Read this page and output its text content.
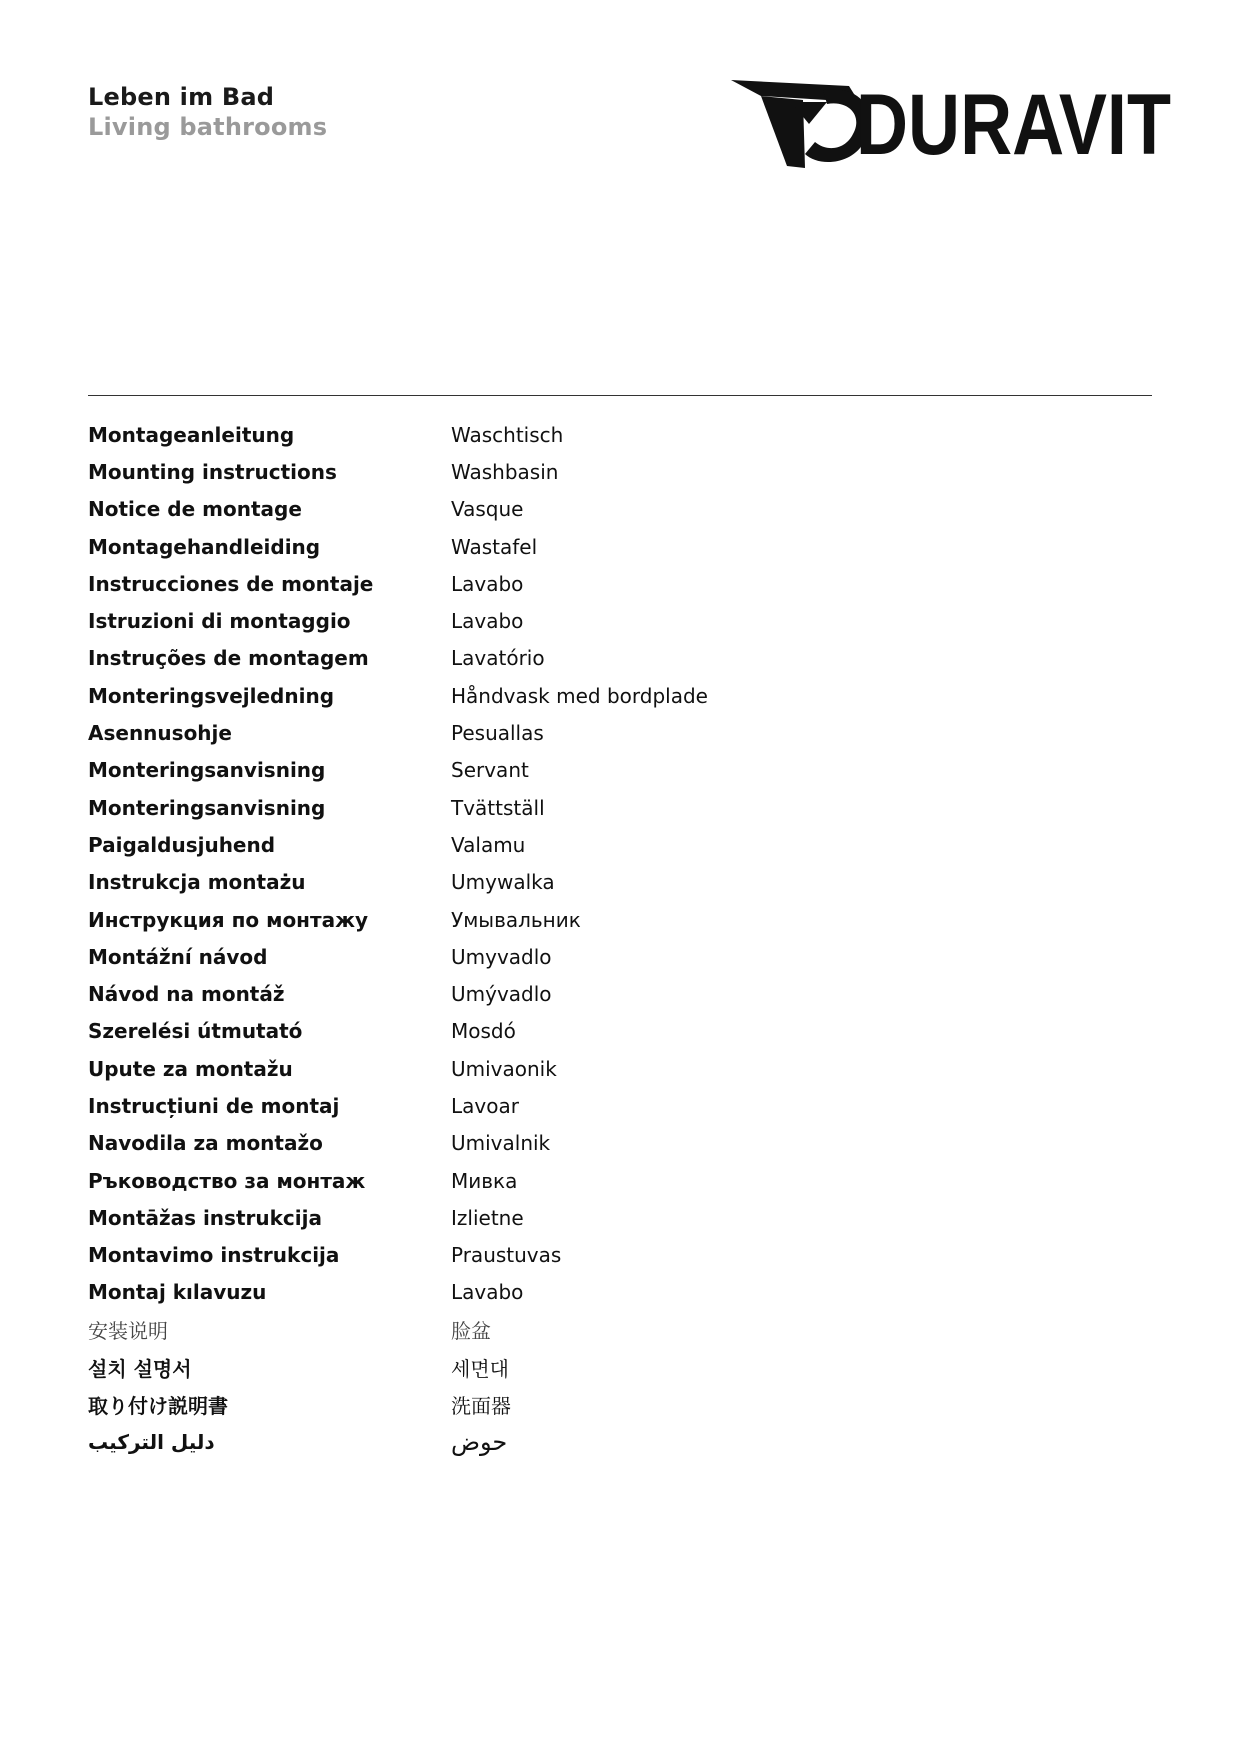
Leben im Bad
Living bathrooms	DURAVIT
Montageanleitung	Waschtisch
Mounting instructions	Washbasin
Notice de montage	Vasque
Montagehandleiding	Wastafel
Instrucciones de montaje	Lavabo
Istruzioni di montaggio	Lavabo
Instruções de montagem	Lavatório
Monteringsvejledning	Håndvask med bordplade
Asennusohje	Pesuallas
Monteringsanvisning	Servant
Monteringsanvisning	Tvättställ
Paigaldusjuhend	Valamu
Instrukcja montażu	Umywalka
Инструкция по монтажу	Умывальник
Montážní návod	Umyvadlo
Návod na montáž	Umývadlo
Szerelési útmutató	Mosdó
Upute za montažu	Umivaonik
Instrucțiuni de montaj	Lavoar
Navodila za montažo	Umivalnik
Ръководство за монтаж	Мивка
Montāžas instrukcija	Izlietne
Montavimo instrukcija	Praustuvas
Montaj kılavuzu	Lavabo
安装说明	脸盆
설치 설명서	세면대
取り付け説明書	洗面器
دليل التركيب	حوض
